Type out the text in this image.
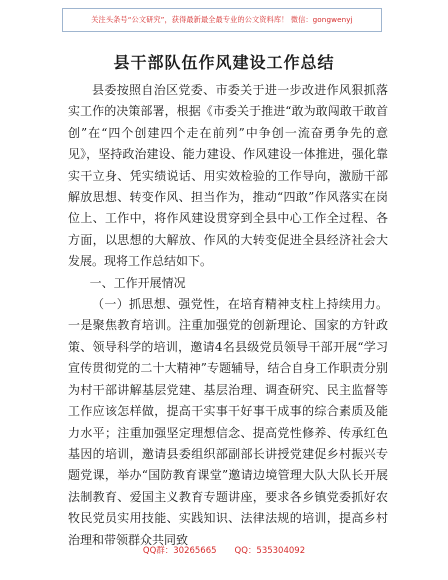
关注头条号“公文研究”，获得最新最全最专业的公文资料库！ 微信：gongwenyj
县干部队伍作风建设工作总结

县委按照自治区党委、市委关于进一步改进作风狠抓落实工作的决策部署，根据《市委关于推进“敢为敢闯敢干敢首创”在“四个创建四个走在前列”中争创一流奋勇争先的意见》，坚持政治建设、能力建设、作风建设一体推进，强化靠实干立身、凭实绩说话、用实效检验的工作导向，激励干部解放思想、转变作风、担当作为，推动“四敢”作风落实在岗位上、工作中，将作风建设贯穿到全县中心工作全过程、各方面，以思想的大解放、作风的大转变促进全县经济社会大发展。现将工作总结如下。

一、工作开展情况

（一）抓思想、强党性，在培育精神支柱上持续用力。一是聚焦教育培训。注重加强党的创新理论、国家的方针政策、领导科学的培训，邀请4名县级党员领导干部开展“学习宣传贯彻党的二十大精神”专题辅导，结合自身工作职责分别为村干部讲解基层党建、基层治理、调查研究、民主监督等工作应该怎样做，提高干实事干好事干成事的综合素质及能力水平；注重加强坚定理想信念、提高党性修养、传承红色基因的培训，邀请县委组织部副部长讲授党建促乡村振兴专题党课，举办“国防教育课堂”邀请边境管理大队大队长开展法制教育、爱国主义教育专题讲座，要求各乡镇党委抓好农牧民党员实用技能、实践知识、法律法规的培训，提高乡村治理和带领群众共同致

QQ群：30265665 QQ：535304092
